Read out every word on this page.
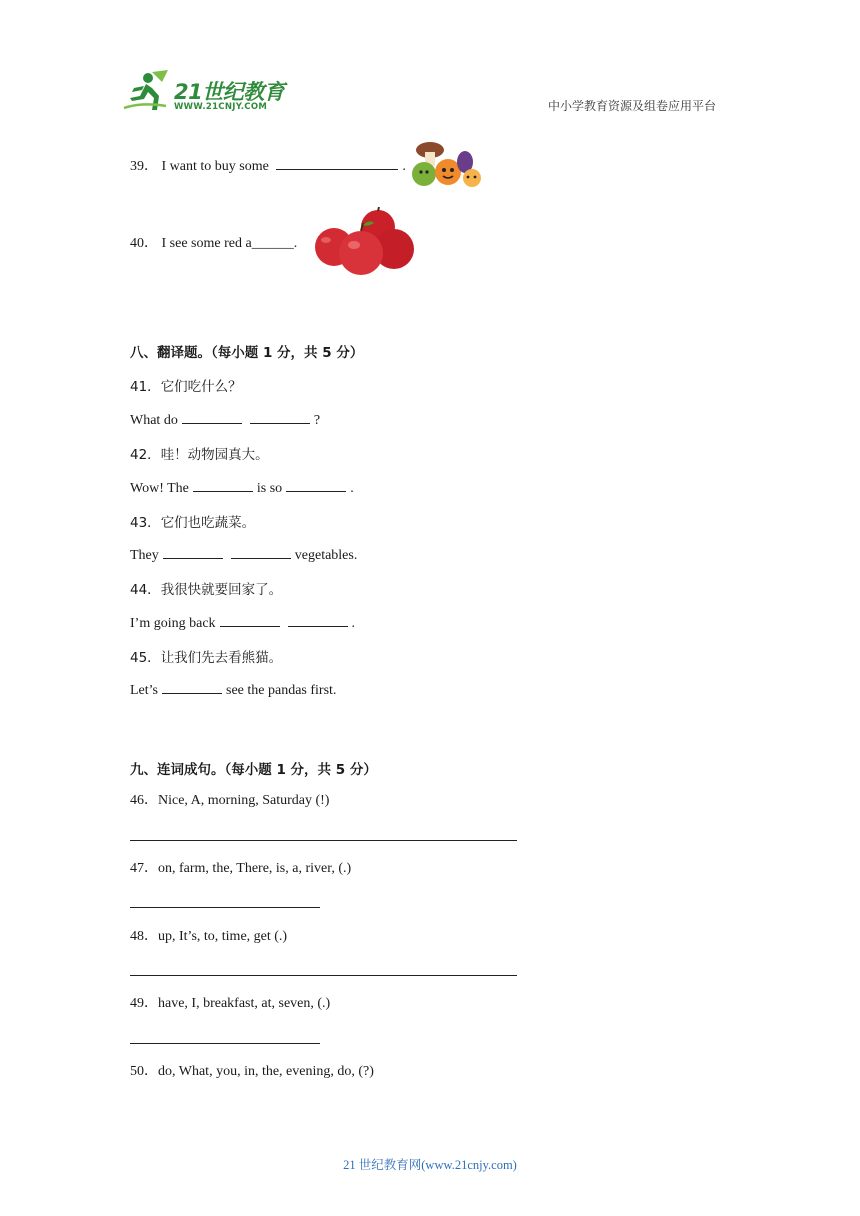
21世纪教育
WWW.21CNJY.COM	中小学教育资源及组卷应用平台
39． I want to buy some	.
40． I see some red a______.
八、翻译题。（每小题 1 分，共 5 分）
41．它们吃什么？
What do	?
42．哇！动物园真大。
Wow! The	is so	.
43．它们也吃蔬菜。
They	vegetables.
44．我很快就要回家了。
I’m going back	.
45．让我们先去看熊猫。
Let’s	see the pandas first.
九、连词成句。（每小题 1 分，共 5 分）
46．Nice, A, morning, Saturday (!)
47．on, farm, the, There, is, a, river, (.)
48．up, It’s, to, time, get (.)
49．have, I, breakfast, at, seven, (.)
50．do, What, you, in, the, evening, do, (?)
21 世纪教育网(www.21cnjy.com)
